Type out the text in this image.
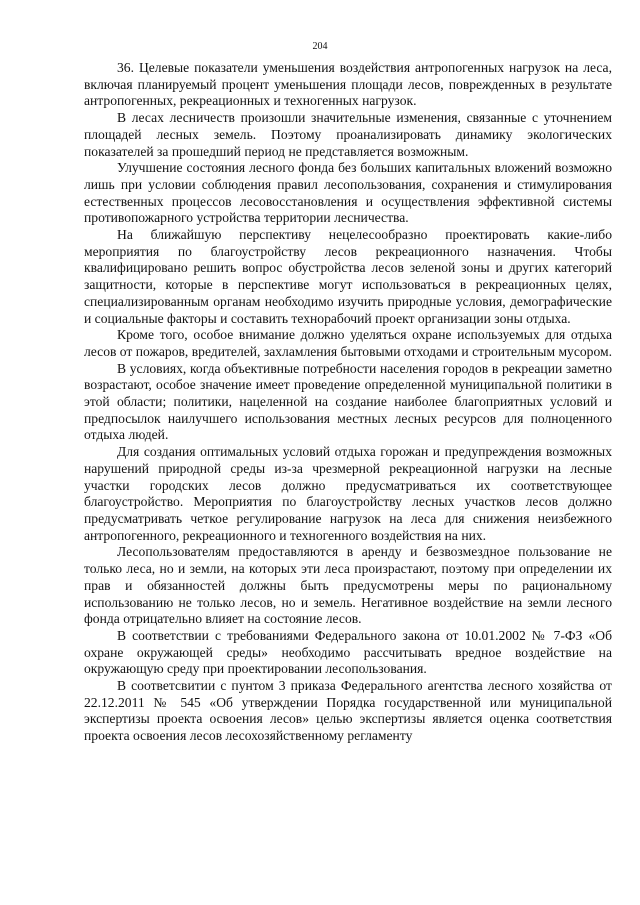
204

36. Целевые показатели уменьшения воздействия антропогенных нагрузок на леса, включая планируемый процент уменьшения площади лесов, поврежденных в результате антропогенных, рекреационных и техногенных нагрузок.

В лесах лесничеств произошли значительные изменения, связанные с уточнением площадей лесных земель. Поэтому проанализировать динамику экологических показателей за прошедший период не представляется возможным.

Улучшение состояния лесного фонда без больших капитальных вложений возможно лишь при условии соблюдения правил лесопользования, сохранения и стимулирования естественных процессов лесовосстановления и осуществления эффективной системы противопожарного устройства территории лесничества.

На ближайшую перспективу нецелесообразно проектировать какие-либо мероприятия по благоустройству лесов рекреационного назначения. Чтобы квалифицировано решить вопрос обустройства лесов зеленой зоны и других категорий защитности, которые в перспективе могут использоваться в рекреационных целях, специализированным органам необходимо изучить природные условия, демографические и социальные факторы и составить технорабочий проект организации зоны отдыха.

Кроме того, особое внимание должно уделяться охране используемых для отдыха лесов от пожаров, вредителей, захламления бытовыми отходами и строительным мусором.

В условиях, когда объективные потребности населения городов в рекреации заметно возрастают, особое значение имеет проведение определенной муниципальной политики в этой области; политики, нацеленной на создание наиболее благоприятных условий и предпосылок наилучшего использования местных лесных ресурсов для полноценного отдыха людей.

Для создания оптимальных условий отдыха горожан и предупреждения возможных нарушений природной среды из-за чрезмерной рекреационной нагрузки на лесные участки городских лесов должно предусматриваться их соответствующее благоустройство. Мероприятия по благоустройству лесных участков лесов должно предусматривать четкое регулирование нагрузок на леса для снижения неизбежного антропогенного, рекреационного и техногенного воздействия на них.

Лесопользователям предоставляются в аренду и безвозмездное пользование не только леса, но и земли, на которых эти леса произрастают, поэтому при определении их прав и обязанностей должны быть предусмотрены меры по рациональному использованию не только лесов, но и земель. Негативное воздействие на земли лесного фонда отрицательно влияет на состояние лесов.

В соответствии с требованиями Федерального закона от 10.01.2002 № 7-ФЗ «Об охране окружающей среды» необходимо рассчитывать вредное воздействие на окружающую среду при проектировании лесопользования.

В соответсвитии с пунтом 3 приказа Федерального агентства лесного хозяйства от 22.12.2011 № 545 «Об утверждении Порядка государственной или муниципальной экспертизы проекта освоения лесов» целью экспертизы является оценка соответствия проекта освоения лесов лесохозяйственному регламенту
